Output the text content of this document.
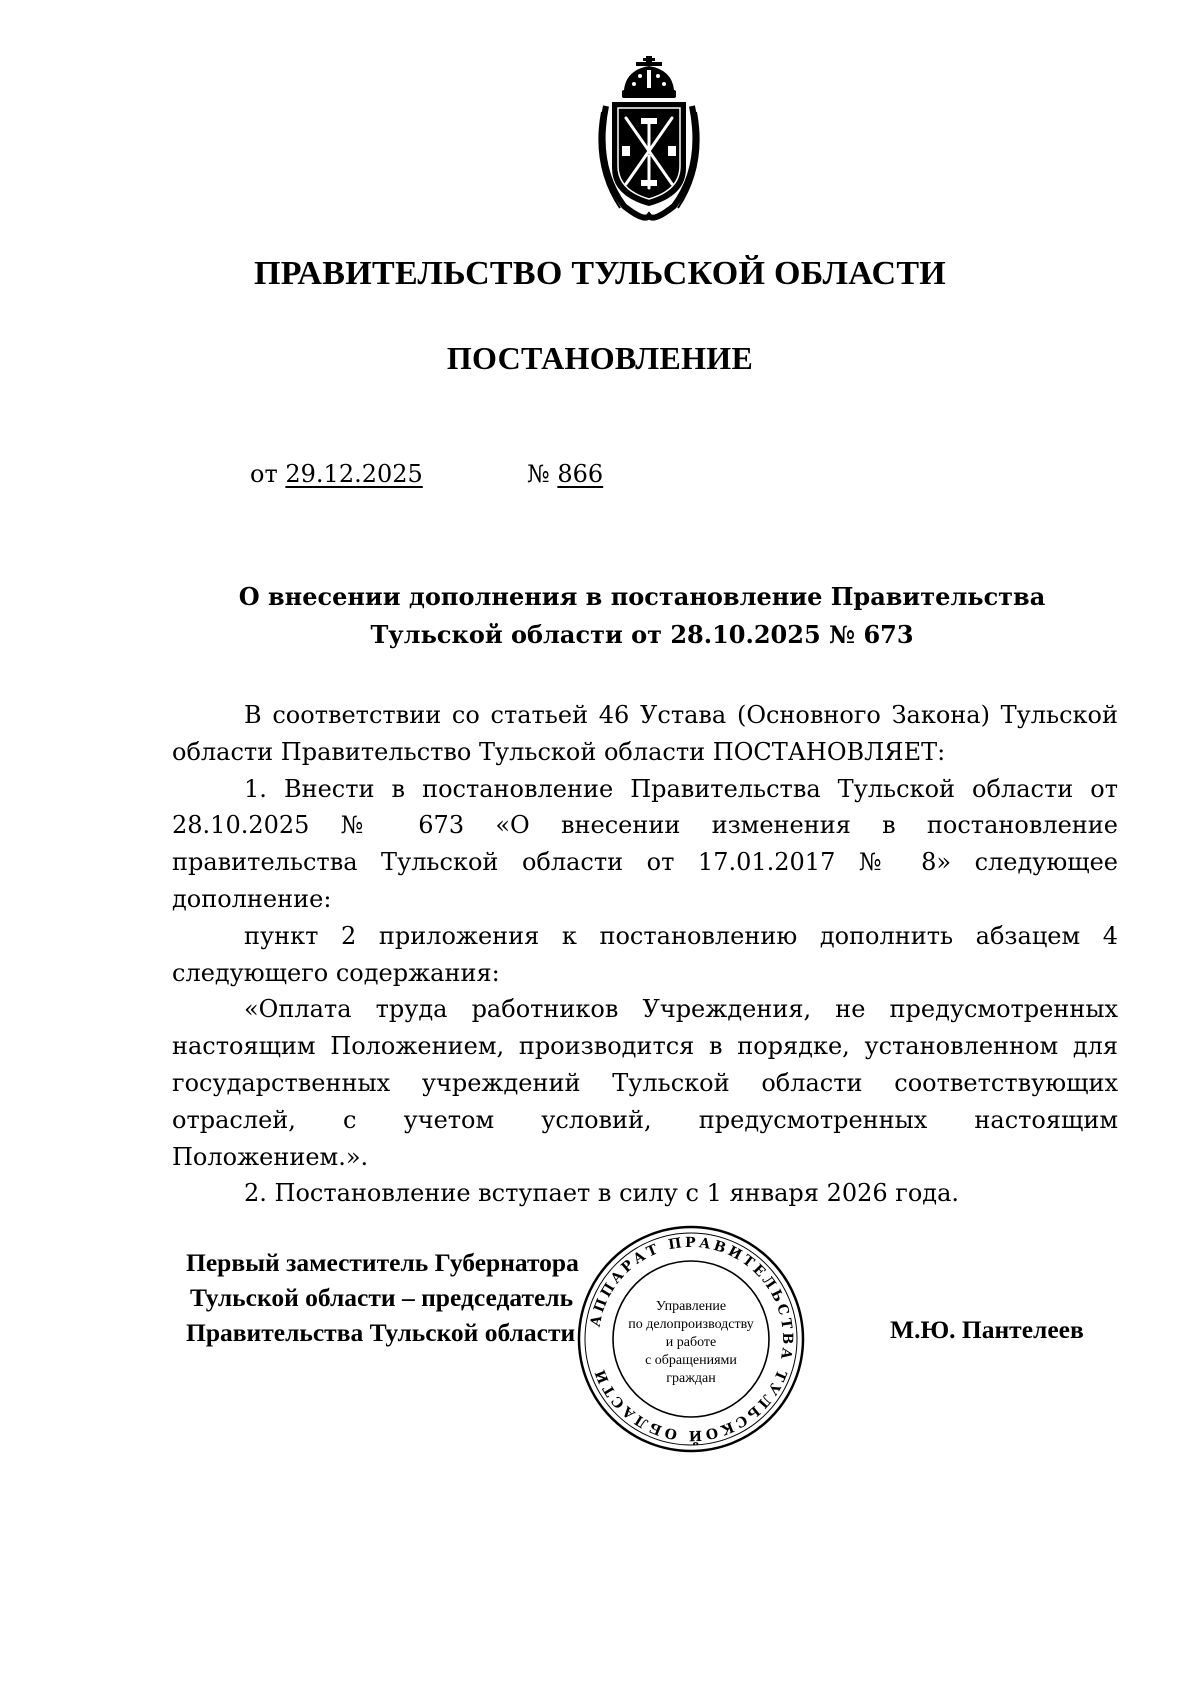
ПРАВИТЕЛЬСТВО ТУЛЬСКОЙ ОБЛАСТИ
ПОСТАНОВЛЕНИЕ
от 29.12.2025	№ 866
О внесении дополнения в постановление Правительства
Тульской области от 28.10.2025 № 673

В соответствии со статьей 46 Устава (Основного Закона) Тульской области Правительство Тульской области ПОСТАНОВЛЯЕТ:

1. Внести в постановление Правительства Тульской области от 28.10.2025 № 673 «О внесении изменения в постановление правительства Тульской области от 17.01.2017 № 8» следующее дополнение:

пункт 2 приложения к постановлению дополнить абзацем 4 следующего содержания:

«Оплата труда работников Учреждения, не предусмотренных настоящим Положением, производится в порядке, установленном для государственных учреждений Тульской области соответствующих отраслей, с учетом условий, предусмотренных настоящим Положением.».

2. Постановление вступает в силу с 1 января 2026 года.

Первый заместитель Губернатора
Тульской области – председатель
Правительства Тульской области	М.Ю. Пантелеев
АППАРАТ ПРАВИТЕЛЬСТВА ТУЛЬСКОЙ ОБЛАСТИ
Управление
по делопроизводству
и работе
с обращениями
граждан
